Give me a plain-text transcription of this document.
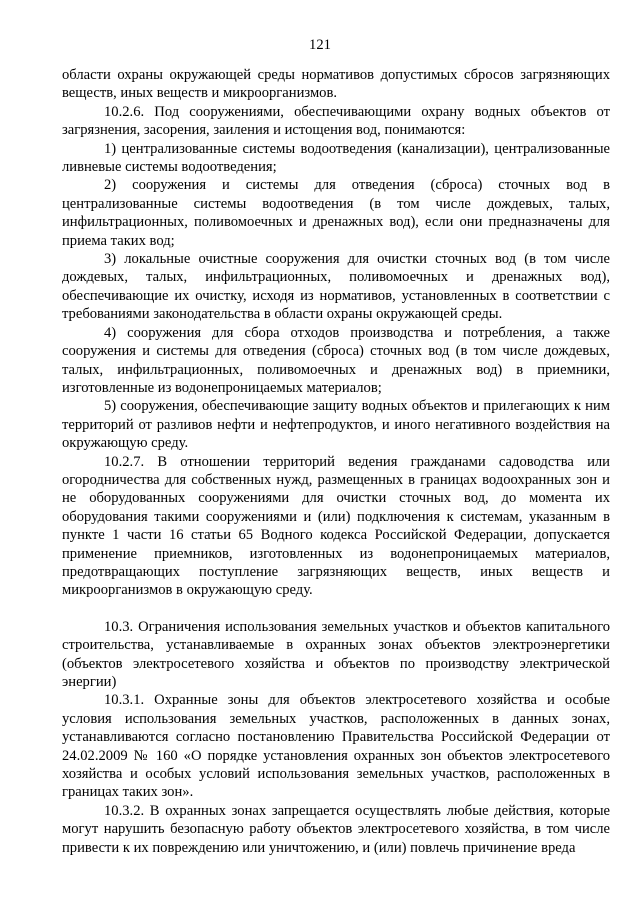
121

области охраны окружающей среды нормативов допустимых сбросов загрязняющих веществ, иных веществ и микроорганизмов.

10.2.6. Под сооружениями, обеспечивающими охрану водных объектов от загрязнения, засорения, заиления и истощения вод, понимаются:

1) централизованные системы водоотведения (канализации), централизованные ливневые системы водоотведения;

2) сооружения и системы для отведения (сброса) сточных вод в централизованные системы водоотведения (в том числе дождевых, талых, инфильтрационных, поливомоечных и дренажных вод), если они предназначены для приема таких вод;

3) локальные очистные сооружения для очистки сточных вод (в том числе дождевых, талых, инфильтрационных, поливомоечных и дренажных вод), обеспечивающие их очистку, исходя из нормативов, установленных в соответствии с требованиями законодательства в области охраны окружающей среды.

4) сооружения для сбора отходов производства и потребления, а также сооружения и системы для отведения (сброса) сточных вод (в том числе дождевых, талых, инфильтрационных, поливомоечных и дренажных вод) в приемники, изготовленные из водонепроницаемых материалов;

5) сооружения, обеспечивающие защиту водных объектов и прилегающих к ним территорий от разливов нефти и нефтепродуктов, и иного негативного воздействия на окружающую среду.

10.2.7. В отношении территорий ведения гражданами садоводства или огородничества для собственных нужд, размещенных в границах водоохранных зон и не оборудованных сооружениями для очистки сточных вод, до момента их оборудования такими сооружениями и (или) подключения к системам, указанным в пункте 1 части 16 статьи 65 Водного кодекса Российской Федерации, допускается применение приемников, изготовленных из водонепроницаемых материалов, предотвращающих поступление загрязняющих веществ, иных веществ и микроорганизмов в окружающую среду.

10.3. Ограничения использования земельных участков и объектов капитального строительства, устанавливаемые в охранных зонах объектов электроэнергетики (объектов электросетевого хозяйства и объектов по производству электрической энергии)

10.3.1. Охранные зоны для объектов электросетевого хозяйства и особые условия использования земельных участков, расположенных в данных зонах, устанавливаются согласно постановлению Правительства Российской Федерации от 24.02.2009 № 160 «О порядке установления охранных зон объектов электросетевого хозяйства и особых условий использования земельных участков, расположенных в границах таких зон».

10.3.2. В охранных зонах запрещается осуществлять любые действия, которые могут нарушить безопасную работу объектов электросетевого хозяйства, в том числе привести к их повреждению или уничтожению, и (или) повлечь причинение вреда
